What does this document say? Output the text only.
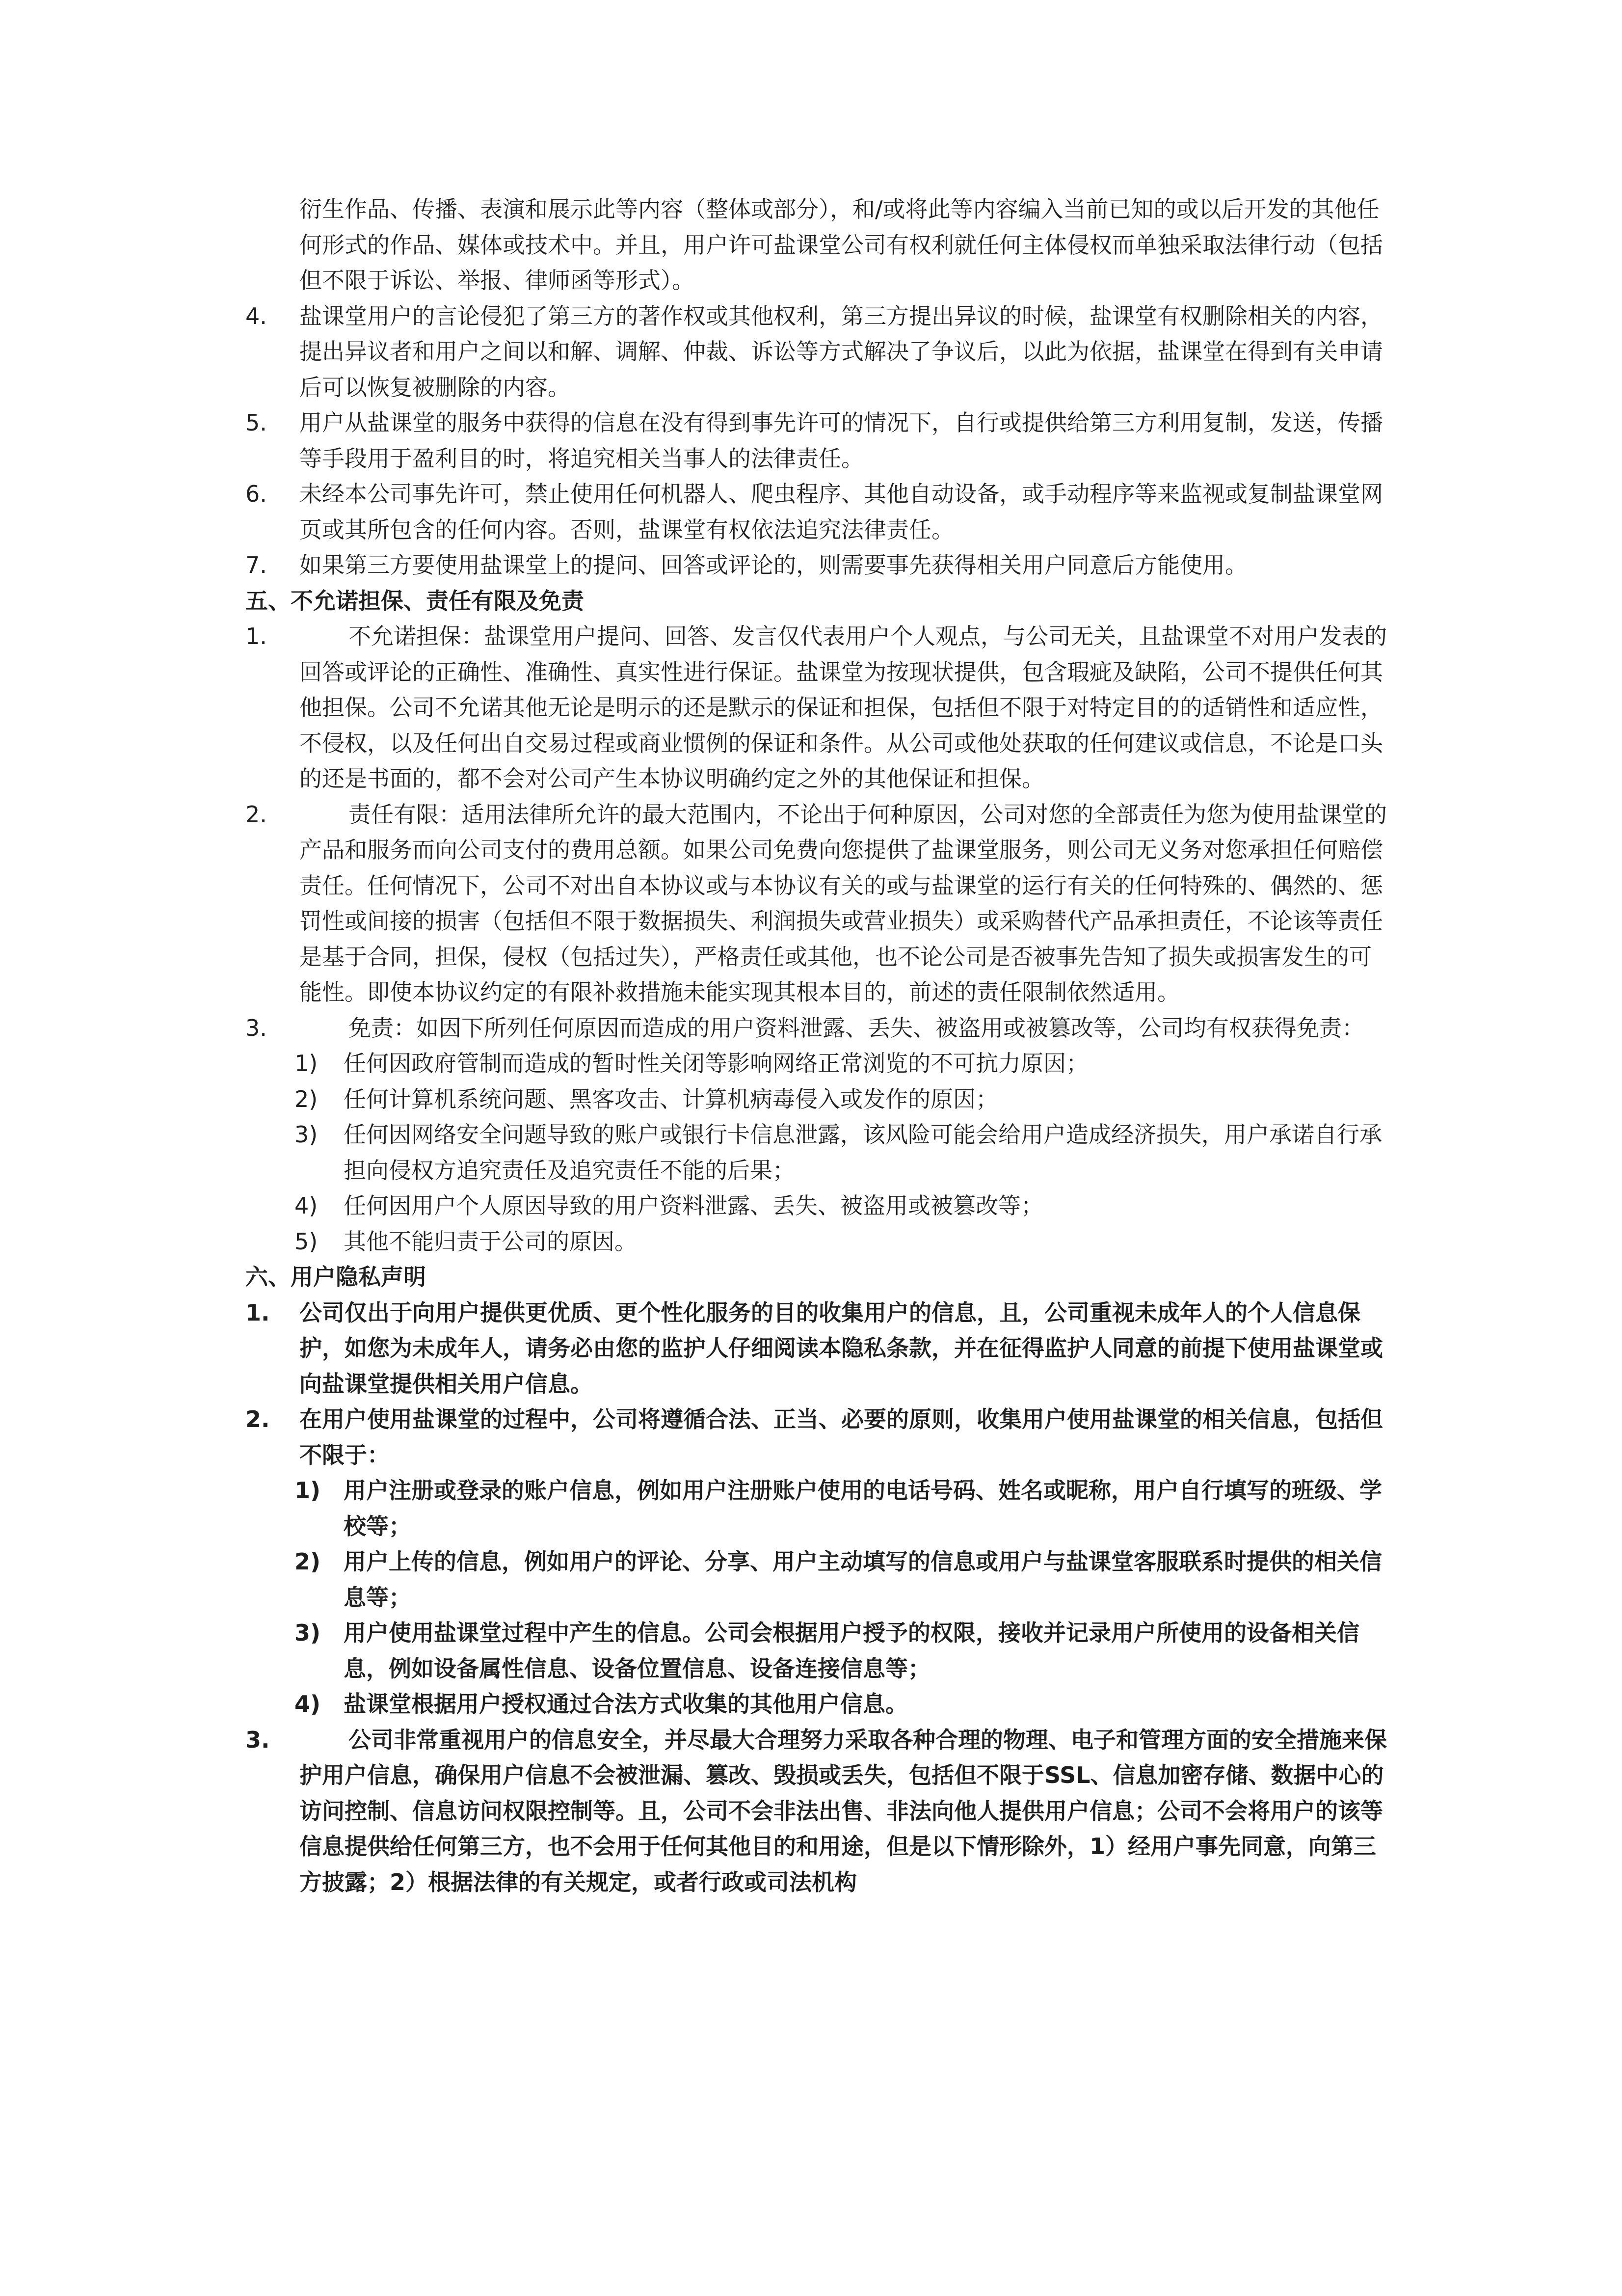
衍生作品、传播、表演和展示此等内容（整体或部分），和/或将此等内容编入当前已知的或以后开发的其他任何形式的作品、媒体或技术中。并且，用户许可盐课堂公司有权利就任何主体侵权而单独采取法律行动（包括但不限于诉讼、举报、律师函等形式）。
4. 盐课堂用户的言论侵犯了第三方的著作权或其他权利，第三方提出异议的时候，盐课堂有权删除相关的内容，提出异议者和用户之间以和解、调解、仲裁、诉讼等方式解决了争议后，以此为依据，盐课堂在得到有关申请后可以恢复被删除的内容。
5. 用户从盐课堂的服务中获得的信息在没有得到事先许可的情况下，自行或提供给第三方利用复制，发送，传播等手段用于盈利目的时，将追究相关当事人的法律责任。
6. 未经本公司事先许可，禁止使用任何机器人、爬虫程序、其他自动设备，或手动程序等来监视或复制盐课堂网页或其所包含的任何内容。否则，盐课堂有权依法追究法律责任。
7. 如果第三方要使用盐课堂上的提问、回答或评论的，则需要事先获得相关用户同意后方能使用。
五、不允诺担保、责任有限及免责
1.	不允诺担保：盐课堂用户提问、回答、发言仅代表用户个人观点，与公司无关，且盐课堂不对用户发表的回答或评论的正确性、准确性、真实性进行保证。盐课堂为按现状提供，包含瑕疵及缺陷，公司不提供任何其他担保。公司不允诺其他无论是明示的还是默示的保证和担保，包括但不限于对特定目的的适销性和适应性，不侵权，以及任何出自交易过程或商业惯例的保证和条件。从公司或他处获取的任何建议或信息，不论是口头的还是书面的，都不会对公司产生本协议明确约定之外的其他保证和担保。
2.	责任有限：适用法律所允许的最大范围内，不论出于何种原因，公司对您的全部责任为您为使用盐课堂的产品和服务而向公司支付的费用总额。如果公司免费向您提供了盐课堂服务，则公司无义务对您承担任何赔偿责任。任何情况下，公司不对出自本协议或与本协议有关的或与盐课堂的运行有关的任何特殊的、偶然的、惩罚性或间接的损害（包括但不限于数据损失、利润损失或营业损失）或采购替代产品承担责任，不论该等责任是基于合同，担保，侵权（包括过失），严格责任或其他，也不论公司是否被事先告知了损失或损害发生的可能性。即使本协议约定的有限补救措施未能实现其根本目的，前述的责任限制依然适用。
3.	免责：如因下所列任何原因而造成的用户资料泄露、丢失、被盗用或被篡改等，公司均有权获得免责：
1) 任何因政府管制而造成的暂时性关闭等影响网络正常浏览的不可抗力原因；
2) 任何计算机系统问题、黑客攻击、计算机病毒侵入或发作的原因；
3) 任何因网络安全问题导致的账户或银行卡信息泄露，该风险可能会给用户造成经济损失，用户承诺自行承担向侵权方追究责任及追究责任不能的后果；
4) 任何因用户个人原因导致的用户资料泄露、丢失、被盗用或被篡改等；
5) 其他不能归责于公司的原因。
六、用户隐私声明
1. 公司仅出于向用户提供更优质、更个性化服务的目的收集用户的信息，且，公司重视未成年人的个人信息保护，如您为未成年人，请务必由您的监护人仔细阅读本隐私条款，并在征得监护人同意的前提下使用盐课堂或向盐课堂提供相关用户信息。
2. 在用户使用盐课堂的过程中，公司将遵循合法、正当、必要的原则，收集用户使用盐课堂的相关信息，包括但不限于：
1) 用户注册或登录的账户信息，例如用户注册账户使用的电话号码、姓名或昵称，用户自行填写的班级、学校等；
2) 用户上传的信息，例如用户的评论、分享、用户主动填写的信息或用户与盐课堂客服联系时提供的相关信息等；
3) 用户使用盐课堂过程中产生的信息。公司会根据用户授予的权限，接收并记录用户所使用的设备相关信息，例如设备属性信息、设备位置信息、设备连接信息等；
4) 盐课堂根据用户授权通过合法方式收集的其他用户信息。
3.	公司非常重视用户的信息安全，并尽最大合理努力采取各种合理的物理、电子和管理方面的安全措施来保护用户信息，确保用户信息不会被泄漏、篡改、毁损或丢失，包括但不限于SSL、信息加密存储、数据中心的访问控制、信息访问权限控制等。且，公司不会非法出售、非法向他人提供用户信息；公司不会将用户的该等信息提供给任何第三方，也不会用于任何其他目的和用途，但是以下情形除外，1）经用户事先同意，向第三方披露；2）根据法律的有关规定，或者行政或司法机构
